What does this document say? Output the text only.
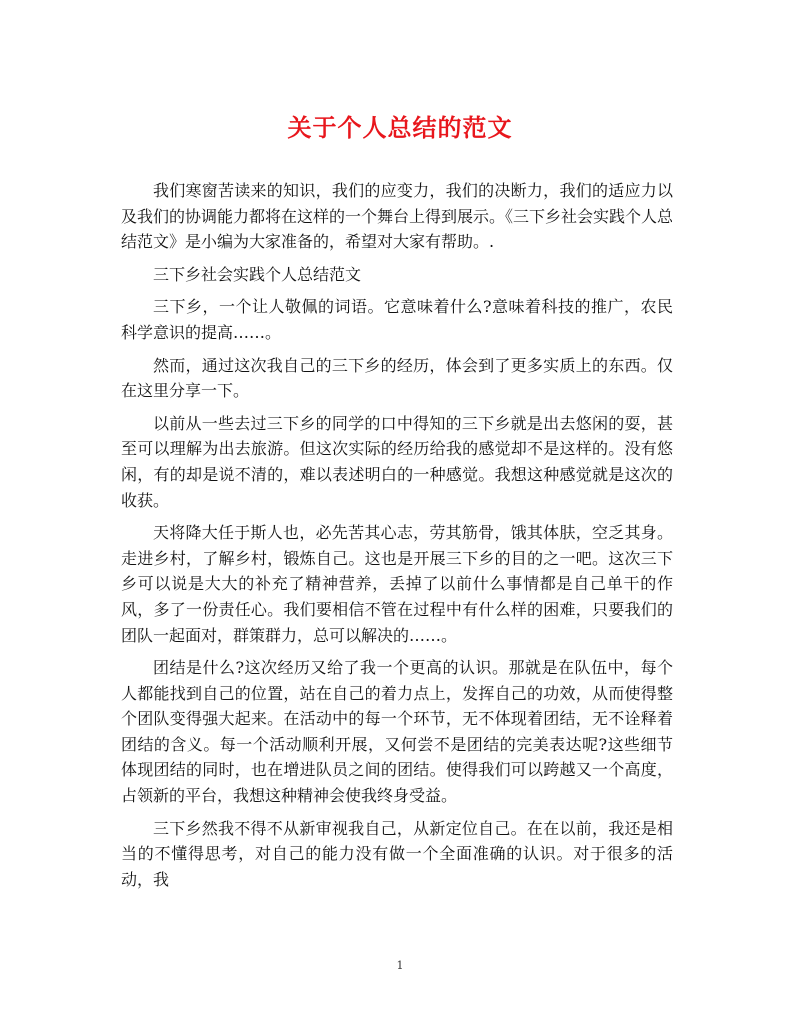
关于个人总结的范文

我们寒窗苦读来的知识，我们的应变力，我们的决断力，我们的适应力以及我们的协调能力都将在这样的一个舞台上得到展示。《三下乡社会实践个人总结范文》是小编为大家准备的，希望对大家有帮助。.

三下乡社会实践个人总结范文

三下乡，一个让人敬佩的词语。它意味着什么?意味着科技的推广，农民科学意识的提高……。

然而，通过这次我自己的三下乡的经历，体会到了更多实质上的东西。仅在这里分享一下。

以前从一些去过三下乡的同学的口中得知的三下乡就是出去悠闲的耍，甚至可以理解为出去旅游。但这次实际的经历给我的感觉却不是这样的。没有悠闲，有的却是说不清的，难以表述明白的一种感觉。我想这种感觉就是这次的收获。

天将降大任于斯人也，必先苦其心志，劳其筋骨，饿其体肤，空乏其身。走进乡村，了解乡村，锻炼自己。这也是开展三下乡的目的之一吧。这次三下乡可以说是大大的补充了精神营养，丢掉了以前什么事情都是自己单干的作风，多了一份责任心。我们要相信不管在过程中有什么样的困难，只要我们的团队一起面对，群策群力，总可以解决的……。

团结是什么?这次经历又给了我一个更高的认识。那就是在队伍中，每个人都能找到自己的位置，站在自己的着力点上，发挥自己的功效，从而使得整个团队变得强大起来。在活动中的每一个环节，无不体现着团结，无不诠释着团结的含义。每一个活动顺利开展，又何尝不是团结的完美表达呢?这些细节体现团结的同时，也在增进队员之间的团结。使得我们可以跨越又一个高度，占领新的平台，我想这种精神会使我终身受益。

三下乡然我不得不从新审视我自己，从新定位自己。在在以前，我还是相当的不懂得思考，对自己的能力没有做一个全面准确的认识。对于很多的活动，我

1
